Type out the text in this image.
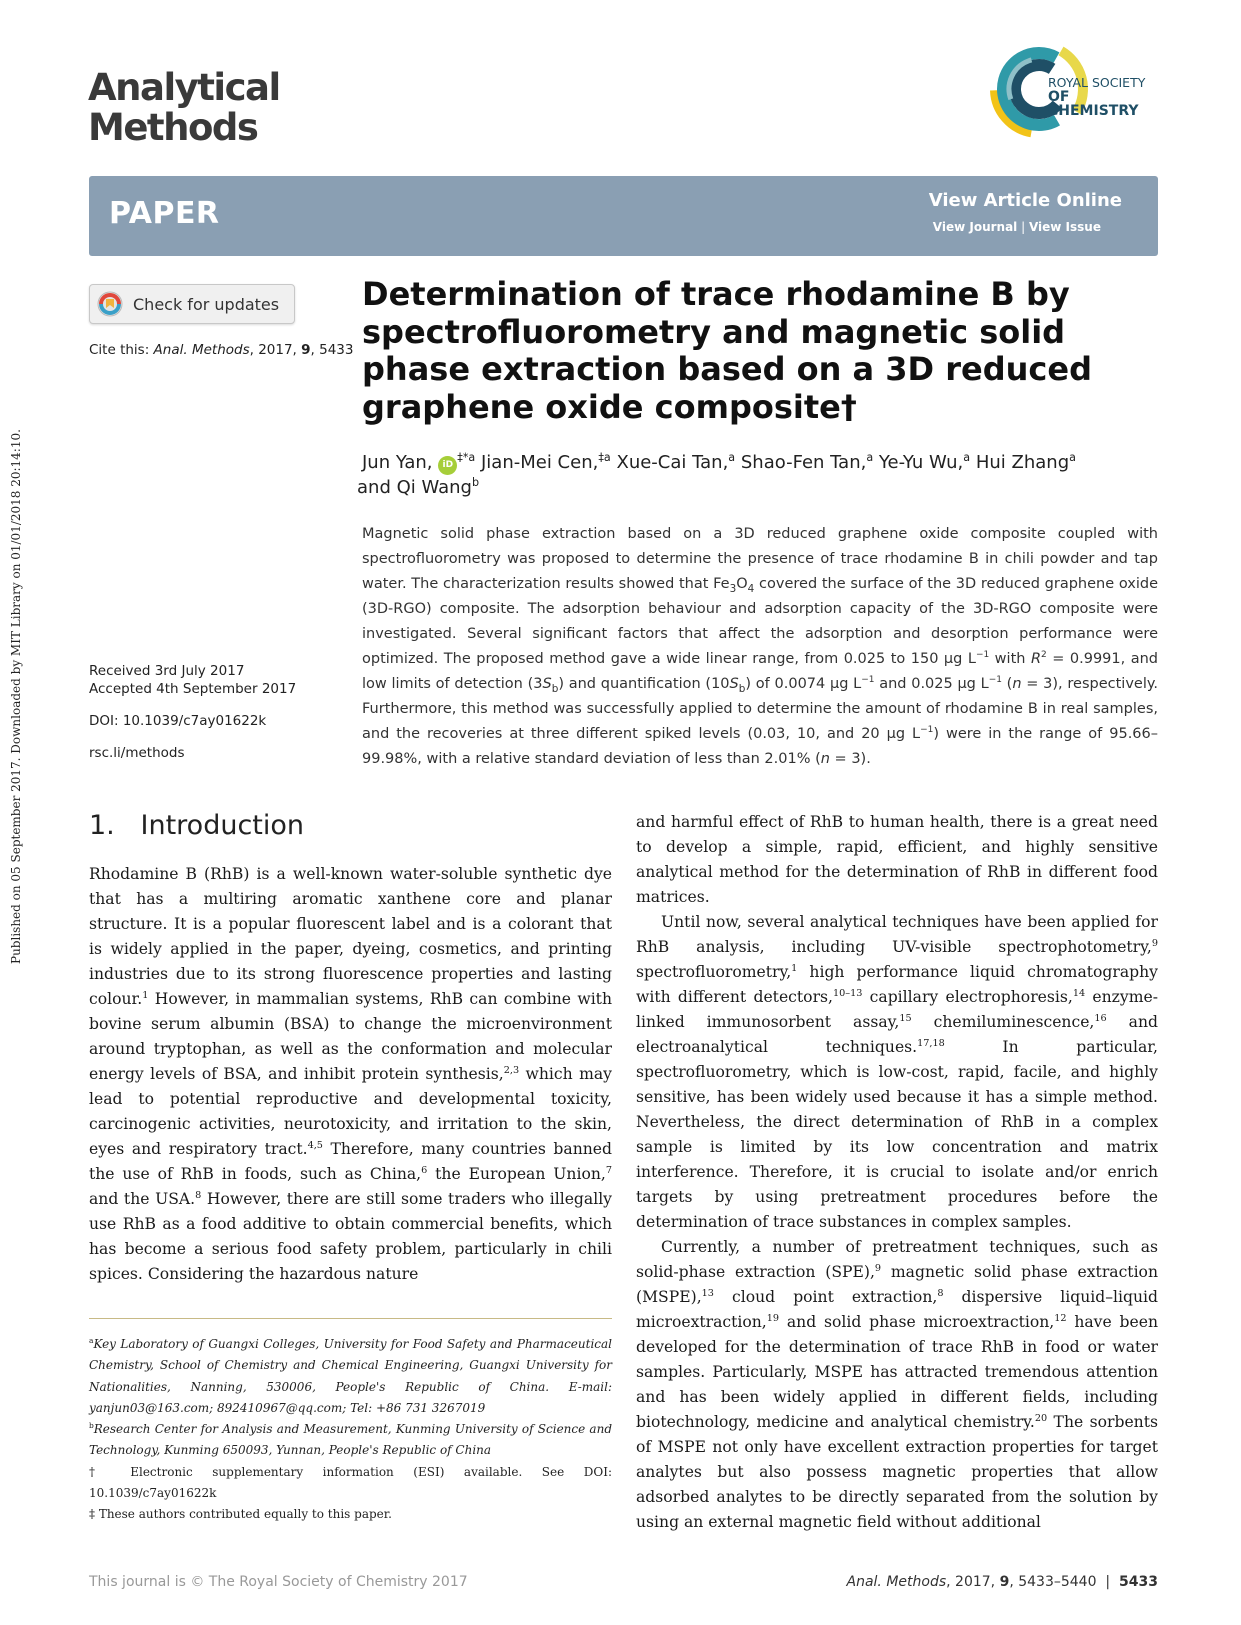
Published on 05 September 2017. Downloaded by MIT Library on 01/01/2018 20:14:10.
Analytical
Methods
ROYAL SOCIETY
OF CHEMISTRY
PAPER	View Article Online
View Journal | View Issue
Check for updates
Cite this: Anal. Methods, 2017, 9, 5433
Received 3rd July 2017
Accepted 4th September 2017
DOI: 10.1039/c7ay01622k
rsc.li/methods
Determination of trace rhodamine B by spectrofluorometry and magnetic solid phase extraction based on a 3D reduced graphene oxide composite†
Jun Yan, $iD^{\ddagger*a}$ Jian-Mei Cen,$^{\ddagger a}$ Xue-Cai Tan,$^a$ Shao-Fen Tan,$^a$ Ye-Yu Wu,$^a$ Hui Zhang$^a$
and Qi Wang$^b$
Magnetic solid phase extraction based on a 3D reduced graphene oxide composite coupled with spectrofluorometry was proposed to determine the presence of trace rhodamine B in chili powder and tap water. The characterization results showed that $Fe_3O_4$ covered the surface of the 3D reduced graphene oxide (3D-RGO) composite. The adsorption behaviour and adsorption capacity of the 3D-RGO composite were investigated. Several significant factors that affect the adsorption and desorption performance were optimized. The proposed method gave a wide linear range, from 0.025 to 150 μg $L^{-1}$ with $R^2 = 0.9991$, and low limits of detection $(3S_b)$ and quantification $(10S_b)$ of 0.0074 μg $L^{-1}$ and 0.025 μg $L^{-1}$ (n = 3), respectively. Furthermore, this method was successfully applied to determine the amount of rhodamine B in real samples, and the recoveries at three different spiked levels (0.03, 10, and 20 μg $L^{-1}$) were in the range of 95.66–99.98%, with a relative standard deviation of less than 2.01% (n = 3).
1.   Introduction

Rhodamine B (RhB) is a well-known water-soluble synthetic dye that has a multiring aromatic xanthene core and planar structure. It is a popular fluorescent label and is a colorant that is widely applied in the paper, dyeing, cosmetics, and printing industries due to its strong fluorescence properties and lasting colour.$^1$ However, in mammalian systems, RhB can combine with bovine serum albumin (BSA) to change the microenvironment around tryptophan, as well as the conformation and molecular energy levels of BSA, and inhibit protein synthesis,$^{2,3}$ which may lead to potential reproductive and developmental toxicity, carcinogenic activities, neurotoxicity, and irritation to the skin, eyes and respiratory tract.$^{4,5}$ Therefore, many countries banned the use of RhB in foods, such as China,$^6$ the European Union,$^7$ and the USA.$^8$ However, there are still some traders who illegally use RhB as a food additive to obtain commercial benefits, which has become a serious food safety problem, particularly in chili spices. Considering the hazardous nature

and harmful effect of RhB to human health, there is a great need to develop a simple, rapid, efficient, and highly sensitive analytical method for the determination of RhB in different food matrices.

Until now, several analytical techniques have been applied for RhB analysis, including UV-visible spectrophotometry,$^9$ spectrofluorometry,$^1$ high performance liquid chromatography with different detectors,$^{10-13}$ capillary electrophoresis,$^{14}$ enzyme-linked immunosorbent assay,$^{15}$ chemiluminescence,$^{16}$ and electroanalytical techniques.$^{17,18}$ In particular, spectrofluorometry, which is low-cost, rapid, facile, and highly sensitive, has been widely used because it has a simple method. Nevertheless, the direct determination of RhB in a complex sample is limited by its low concentration and matrix interference. Therefore, it is crucial to isolate and/or enrich targets by using pretreatment procedures before the determination of trace substances in complex samples.

Currently, a number of pretreatment techniques, such as solid-phase extraction (SPE),$^9$ magnetic solid phase extraction (MSPE),$^{13}$ cloud point extraction,$^8$ dispersive liquid–liquid microextraction,$^{19}$ and solid phase microextraction,$^{12}$ have been developed for the determination of trace RhB in food or water samples. Particularly, MSPE has attracted tremendous attention and has been widely applied in different fields, including biotechnology, medicine and analytical chemistry.$^{20}$ The sorbents of MSPE not only have excellent extraction properties for target analytes but also possess magnetic properties that allow adsorbed analytes to be directly separated from the solution by using an external magnetic field without additional

$^a$Key Laboratory of Guangxi Colleges, University for Food Safety and Pharmaceutical Chemistry, School of Chemistry and Chemical Engineering, Guangxi University for Nationalities, Nanning, 530006, People's Republic of China. E-mail: yanjun03@163.com; 892410967@qq.com; Tel: +86 731 3267019

$^b$Research Center for Analysis and Measurement, Kunming University of Science and Technology, Kunming 650093, Yunnan, People's Republic of China

† Electronic supplementary information (ESI) available. See DOI: 10.1039/c7ay01622k

‡ These authors contributed equally to this paper.

This journal is © The Royal Society of Chemistry 2017	Anal. Methods, 2017, 9, 5433–5440  |  5433
